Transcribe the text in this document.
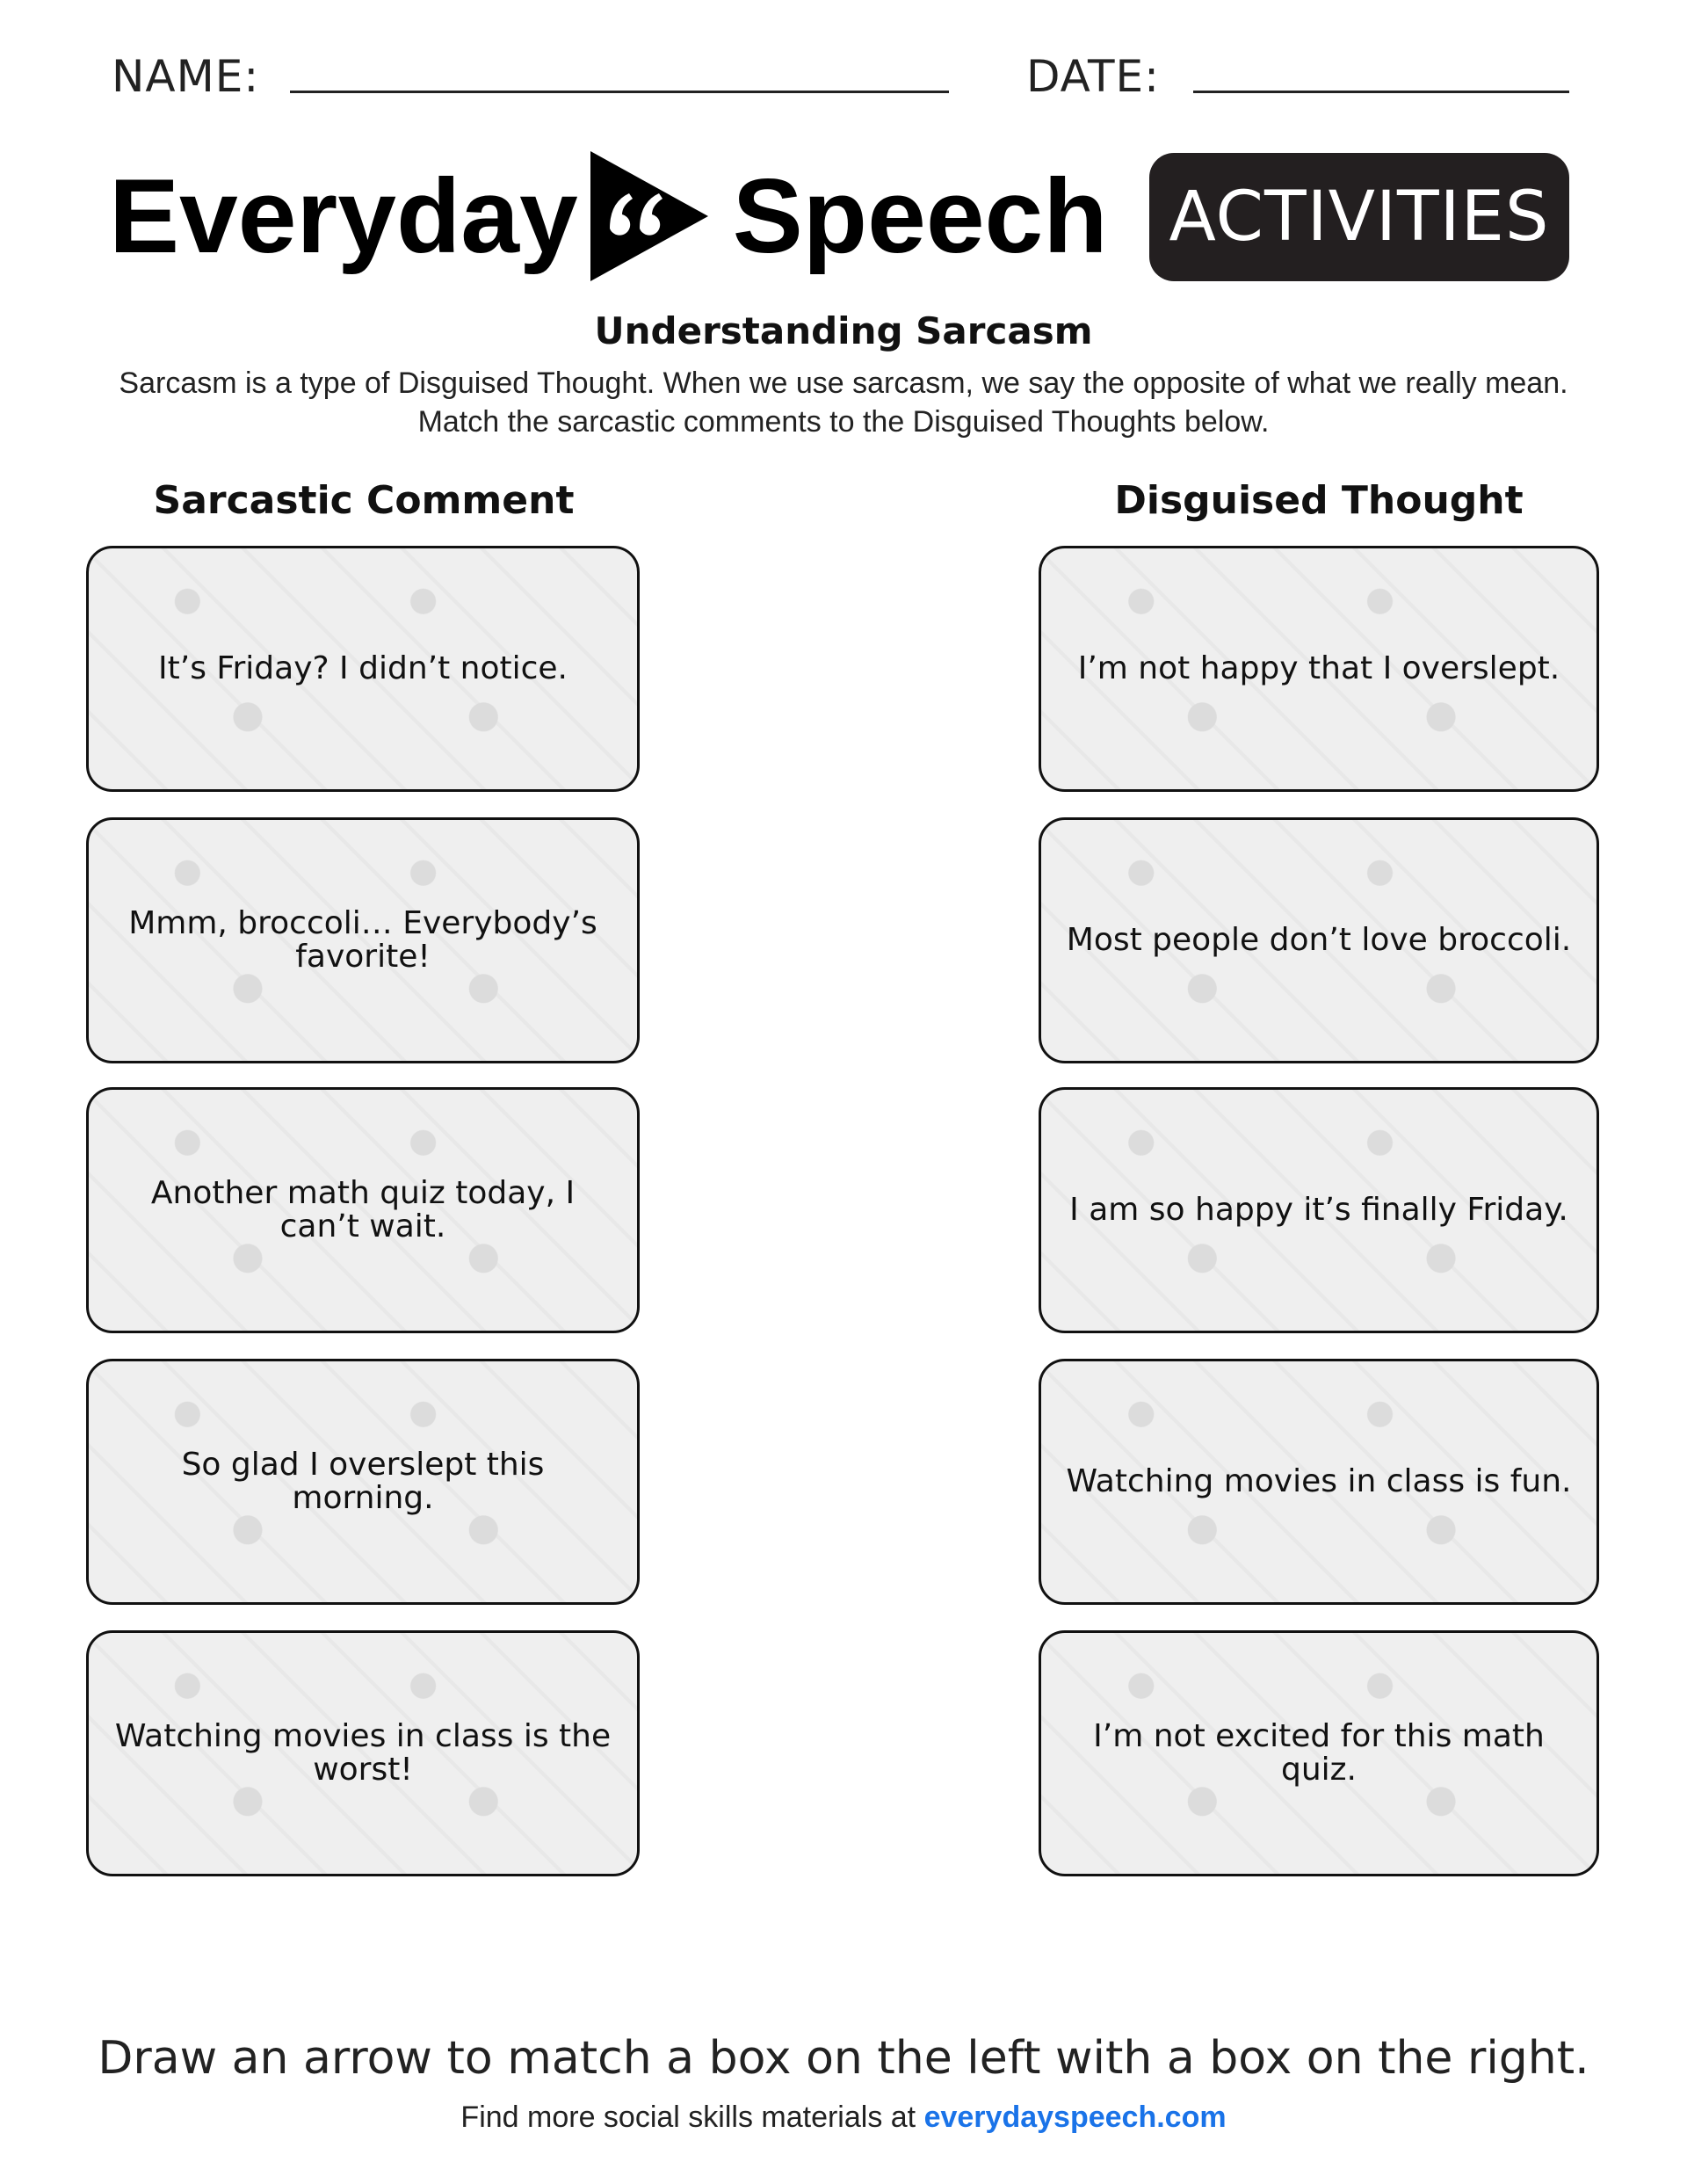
NAME:	DATE:
Everyday Speech ACTIVITIES
Understanding Sarcasm
Sarcasm is a type of Disguised Thought. When we use sarcasm, we say the opposite of what we really mean. Match the sarcastic comments to the Disguised Thoughts below.
Sarcastic Comment	Disguised Thought
It’s Friday? I didn’t notice.
Mmm, broccoli… Everybody’s favorite!
Another math quiz today, I can’t wait.
So glad I overslept this morning.
Watching movies in class is the worst!
I’m not happy that I overslept.
Most people don’t love broccoli.
I am so happy it’s finally Friday.
Watching movies in class is fun.
I’m not excited for this math quiz.
Draw an arrow to match a box on the left with a box on the right.
Find more social skills materials at everydayspeech.com
